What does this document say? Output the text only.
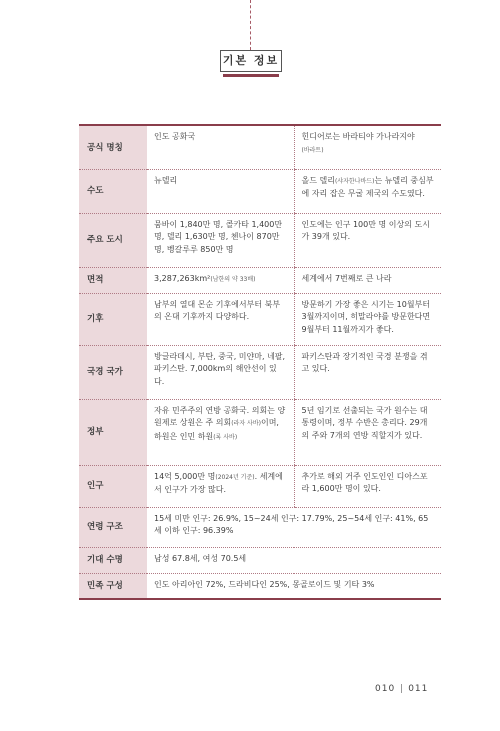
기본 정보
공식 명칭	인도 공화국	힌디어로는 바라티야 가나라지야
(바라트)
수도	뉴델리	올드 델리(샤자한나바드)는 뉴델리 중심부에 자리 잡은 무굴 제국의 수도였다.
주요 도시	뭄바이 1,840만 명, 콜카타 1,400만 명, 델리 1,630만 명, 첸나이 870만 명, 벵갈루루 850만 명	인도에는 인구 100만 명 이상의 도시가 39개 있다.
면적	3,287,263km²(남한의 약 33배)	세계에서 7번째로 큰 나라
기후	남부의 열대 몬순 기후에서부터 북부의 온대 기후까지 다양하다.	방문하기 가장 좋은 시기는 10월부터 3월까지이며, 히말라야를 방문한다면 9월부터 11월까지가 좋다.
국경 국가	방글라데시, 부탄, 중국, 미얀마, 네팔, 파키스탄. 7,000km의 해안선이 있다.	파키스탄과 장기적인 국경 분쟁을 겪고 있다.
정부	자유 민주주의 연방 공화국. 의회는 양원제로 상원은 주 의회(라자 사바)이며, 하원은 인민 하원(록 사바)	5년 임기로 선출되는 국가 원수는 대통령이며, 정부 수반은 총리다. 29개의 주와 7개의 연방 직할지가 있다.
인구	14억 5,000만 명(2024년 기준). 세계에서 인구가 가장 많다.	추가로 해외 거주 인도인인 디아스포라 1,600만 명이 있다.
연령 구조	15세 미만 인구: 26.9%, 15~24세 인구: 17.79%, 25~54세 인구: 41%, 65세 이하 인구: 96.39%	
기대 수명	남성 67.8세, 여성 70.5세	
민족 구성	인도 아리아인 72%, 드라비다인 25%, 몽골로이드 및 기타 3%	
010 011
